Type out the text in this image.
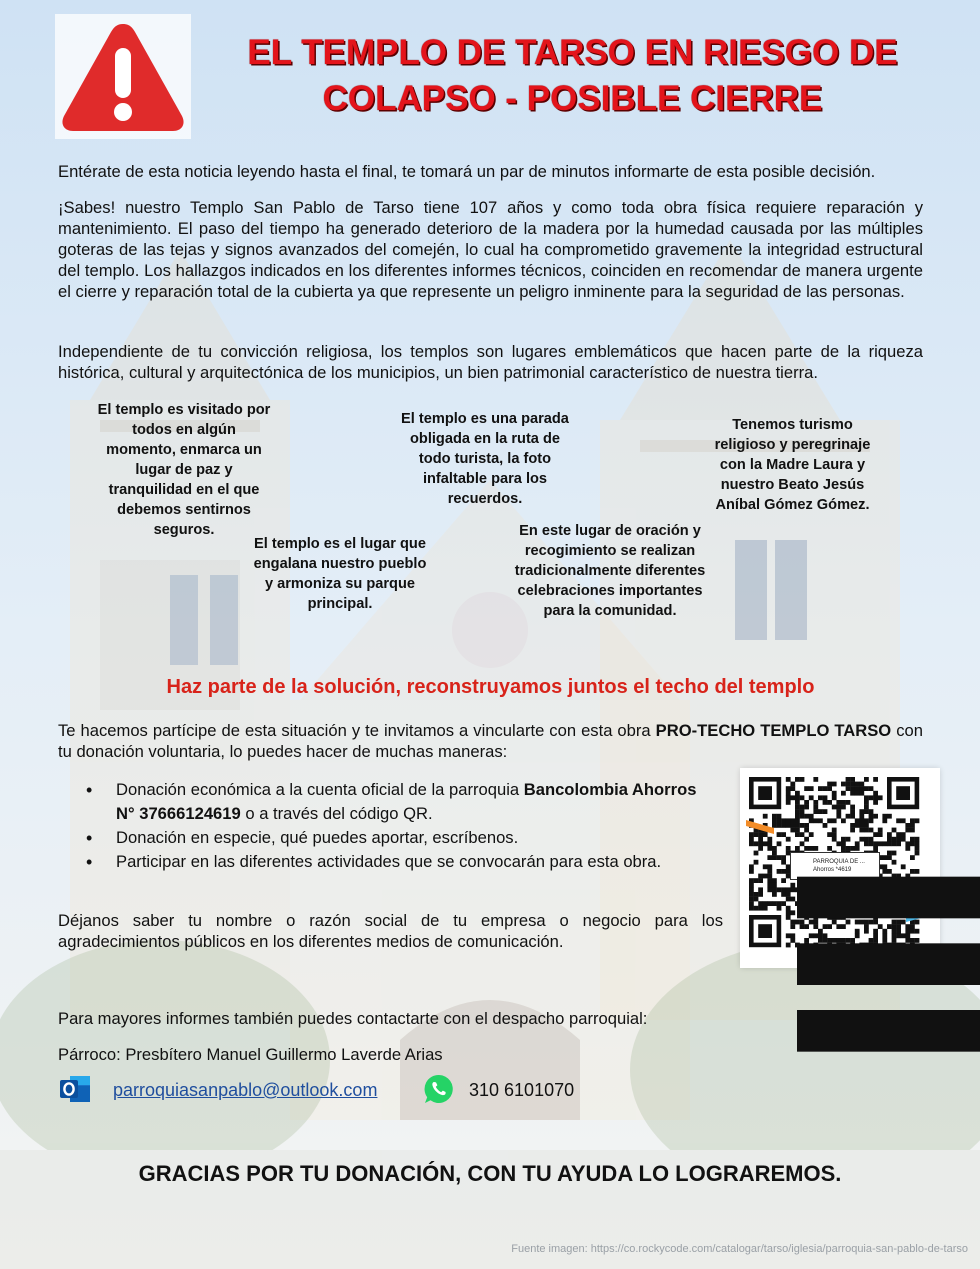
EL TEMPLO DE TARSO EN RIESGO DE COLAPSO - POSIBLE CIERRE

Entérate de esta noticia leyendo hasta el final, te tomará un par de minutos informarte de esta posible decisión.

¡Sabes! nuestro Templo San Pablo de Tarso tiene 107 años y como toda obra física requiere reparación y mantenimiento. El paso del tiempo ha generado deterioro de la madera por la humedad causada por las múltiples goteras de las tejas y signos avanzados del comején, lo cual ha comprometido gravemente la integridad estructural del templo. Los hallazgos indicados en los diferentes informes técnicos, coinciden en recomendar de manera urgente el cierre y reparación total de la cubierta ya que represente un peligro inminente para la seguridad de las personas.

Independiente de tu convicción religiosa, los templos son lugares emblemáticos que hacen parte de la riqueza histórica, cultural y arquitectónica de los municipios, un bien patrimonial característico de nuestra tierra.

El templo es visitado por todos en algún momento, enmarca un lugar de paz y tranquilidad en el que debemos sentirnos seguros.
El templo es una parada obligada en la ruta de todo turista, la foto infaltable para los recuerdos.
Tenemos turismo religioso y peregrinaje con la Madre Laura y nuestro Beato Jesús Aníbal Gómez Gómez.
El templo es el lugar que engalana nuestro pueblo y armoniza su parque principal.
En este lugar de oración y recogimiento se realizan tradicionalmente diferentes celebraciones importantes para la comunidad.
Haz parte de la solución, reconstruyamos juntos el techo del templo

Te hacemos partícipe de esta situación y te invitamos a vincularte con esta obra PRO-TECHO TEMPLO TARSO con tu donación voluntaria, lo puedes hacer de muchas maneras:

• Donación económica a la cuenta oficial de la parroquia Bancolombia Ahorros N° 37666124619 o a través del código QR.
• Donación en especie, qué puedes aportar, escríbenos.
• Participar en las diferentes actividades que se convocarán para esta obra.	PARROQUIA DE ...
Ahorros *4619

Déjanos saber tu nombre o razón social de tu empresa o negocio para los agradecimientos públicos en los diferentes medios de comunicación.

Para mayores informes también puedes contactarte con el despacho parroquial:

Párroco: Presbítero Manuel Guillermo Laverde Arias

parroquiasanpablo@outlook.com	310 6101070
GRACIAS POR TU DONACIÓN, CON TU AYUDA LO LOGRAREMOS.
Fuente imagen: https://co.rockycode.com/catalogar/tarso/iglesia/parroquia-san-pablo-de-tarso
